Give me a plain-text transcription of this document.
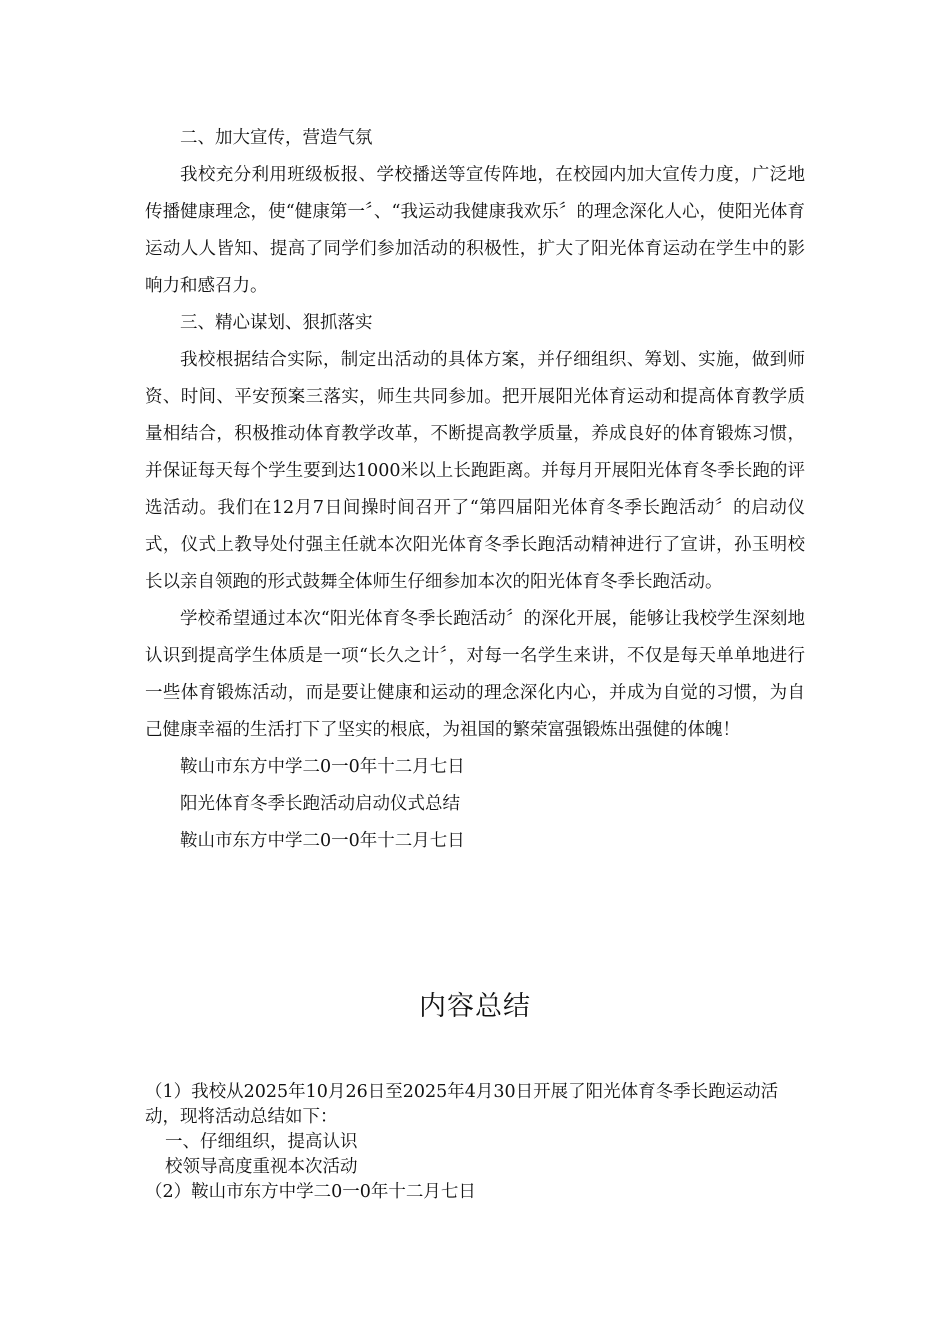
二、加大宣传，营造气氛

我校充分利用班级板报、学校播送等宣传阵地，在校园内加大宣传力度，广泛地传播健康理念，使“健康第一〞、“我运动我健康我欢乐〞的理念深化人心，使阳光体育运动人人皆知、提高了同学们参加活动的积极性，扩大了阳光体育运动在学生中的影响力和感召力。

三、精心谋划、狠抓落实

我校根据结合实际，制定出活动的具体方案，并仔细组织、筹划、实施，做到师资、时间、平安预案三落实，师生共同参加。把开展阳光体育运动和提高体育教学质量相结合，积极推动体育教学改革，不断提高教学质量，养成良好的体育锻炼习惯，并保证每天每个学生要到达1000米以上长跑距离。并每月开展阳光体育冬季长跑的评选活动。我们在12月7日间操时间召开了“第四届阳光体育冬季长跑活动〞的启动仪式，仪式上教导处付强主任就本次阳光体育冬季长跑活动精神进行了宣讲，孙玉明校长以亲自领跑的形式鼓舞全体师生仔细参加本次的阳光体育冬季长跑活动。

学校希望通过本次“阳光体育冬季长跑活动〞的深化开展，能够让我校学生深刻地认识到提高学生体质是一项“长久之计〞，对每一名学生来讲，不仅是每天单单地进行一些体育锻炼活动，而是要让健康和运动的理念深化内心，并成为自觉的习惯，为自己健康幸福的生活打下了坚实的根底，为祖国的繁荣富强锻炼出强健的体魄！

鞍山市东方中学二0一0年十二月七日

阳光体育冬季长跑活动启动仪式总结

鞍山市东方中学二0一0年十二月七日

内容总结

（1）我校从2025年10月26日至2025年4月30日开展了阳光体育冬季长跑运动活动，现将活动总结如下：

一、仔细组织，提高认识

校领导高度重视本次活动

（2）鞍山市东方中学二0一0年十二月七日
